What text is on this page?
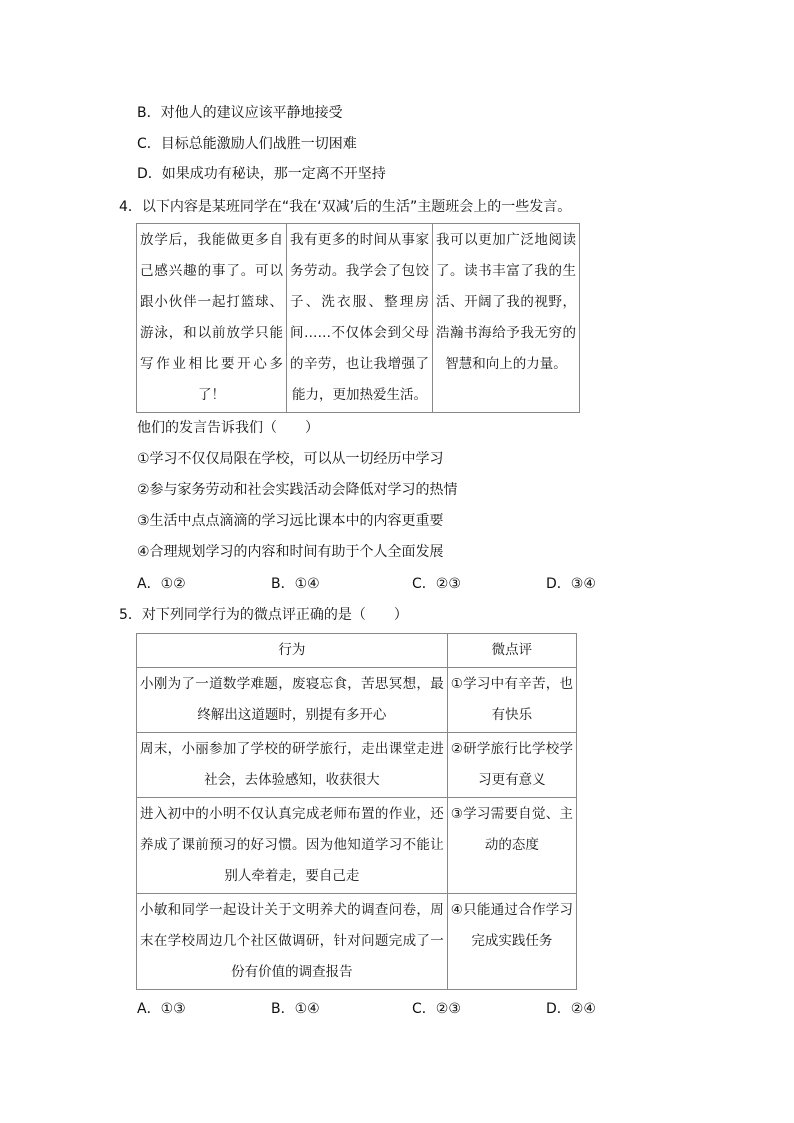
B．对他人的建议应该平静地接受
C．目标总能激励人们战胜一切困难
D．如果成功有秘诀，那一定离不开坚持
4．以下内容是某班同学在“我在‘双减’后的生活”主题班会上的一些发言。
放学后，我能做更多自己感兴趣的事了。可以跟小伙伴一起打篮球、游泳，和以前放学只能写作业相比要开心多了！	我有更多的时间从事家务劳动。我学会了包饺子、洗衣服、整理房间……不仅体会到父母的辛劳，也让我增强了能力，更加热爱生活。	我可以更加广泛地阅读了。读书丰富了我的生活、开阔了我的视野，浩瀚书海给予我无穷的智慧和向上的力量。
他们的发言告诉我们（　　）
①学习不仅仅局限在学校，可以从一切经历中学习
②参与家务劳动和社会实践活动会降低对学习的热情
③生活中点点滴滴的学习远比课本中的内容更重要
④合理规划学习的内容和时间有助于个人全面发展
A．①②	B．①④	C．②③	D．③④
5．对下列同学行为的微点评正确的是（　　）
行为	微点评
小刚为了一道数学难题，废寝忘食，苦思冥想，最终解出这道题时，别提有多开心	①学习中有辛苦，也有快乐
周末，小丽参加了学校的研学旅行，走出课堂走进社会，去体验感知，收获很大	②研学旅行比学校学习更有意义
进入初中的小明不仅认真完成老师布置的作业，还养成了课前预习的好习惯。因为他知道学习不能让别人牵着走，要自己走	③学习需要自觉、主动的态度
小敏和同学一起设计关于文明养犬的调查问卷，周末在学校周边几个社区做调研，针对问题完成了一份有价值的调查报告	④只能通过合作学习完成实践任务
A．①③	B．①④	C．②③	D．②④
